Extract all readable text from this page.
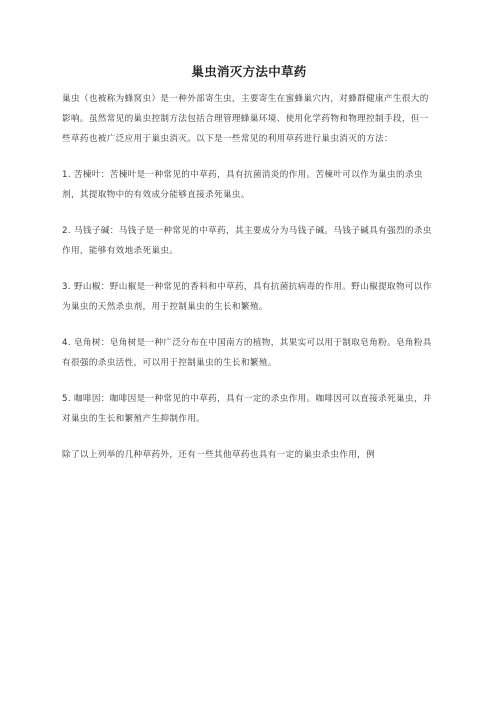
巢虫消灭方法中草药

巢虫（也被称为蜂窝虫）是一种外部寄生虫，主要寄生在蜜蜂巢穴内，对蜂群健康产生很大的影响。虽然常见的巢虫控制方法包括合理管理蜂巢环境、使用化学药物和物理控制手段，但一些草药也被广泛应用于巢虫消灭。以下是一些常见的利用草药进行巢虫消灭的方法：

1. 苦楝叶：苦楝叶是一种常见的中草药，具有抗菌消炎的作用。苦楝叶可以作为巢虫的杀虫剂，其提取物中的有效成分能够直接杀死巢虫。

2. 马钱子碱：马钱子是一种常见的中草药，其主要成分为马钱子碱。马钱子碱具有强烈的杀虫作用，能够有效地杀死巢虫。

3. 野山椒：野山椒是一种常见的香料和中草药，具有抗菌抗病毒的作用。野山椒提取物可以作为巢虫的天然杀虫剂，用于控制巢虫的生长和繁殖。

4. 皂角树：皂角树是一种广泛分布在中国南方的植物，其果实可以用于制取皂角粉。皂角粉具有很强的杀虫活性，可以用于控制巢虫的生长和繁殖。

5. 咖啡因：咖啡因是一种常见的中草药，具有一定的杀虫作用。咖啡因可以直接杀死巢虫，并对巢虫的生长和繁殖产生抑制作用。

除了以上列举的几种草药外，还有一些其他草药也具有一定的巢虫杀虫作用，例
